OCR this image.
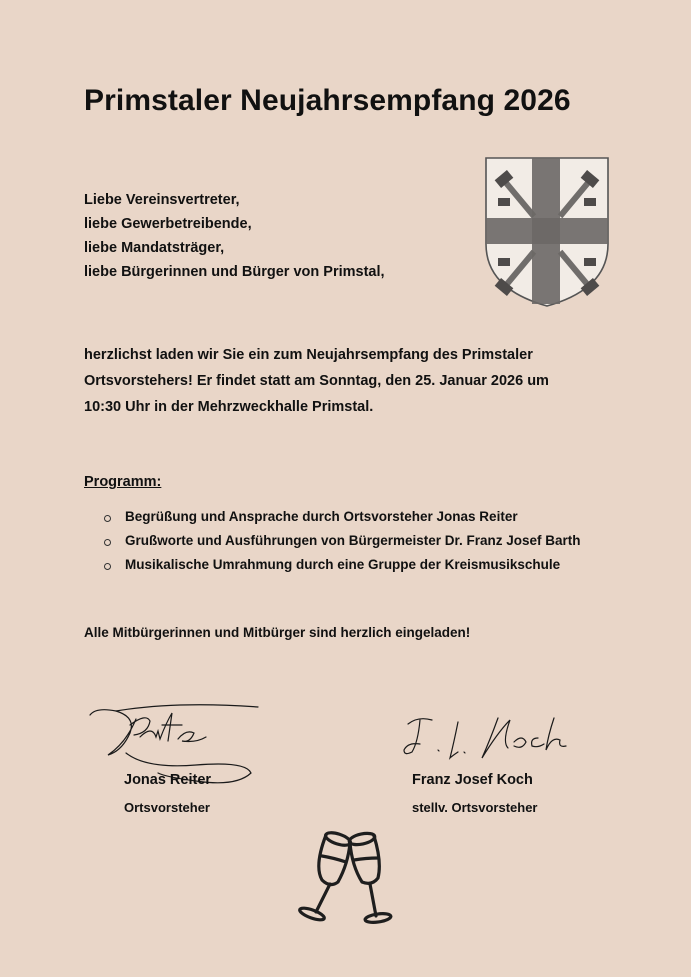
Primstaler Neujahrsempfang 2026
Liebe Vereinsvertreter,
liebe Gewerbetreibende,
liebe Mandatsträger,
liebe Bürgerinnen und Bürger von Primstal,
herzlichst laden wir Sie ein zum Neujahrsempfang des Primstaler
Ortsvorstehers! Er findet statt am Sonntag, den 25. Januar 2026 um
10:30 Uhr in der Mehrzweckhalle Primstal.
Programm:
Begrüßung und Ansprache durch Ortsvorsteher Jonas Reiter
Grußworte und Ausführungen von Bürgermeister Dr. Franz Josef Barth
Musikalische Umrahmung durch eine Gruppe der Kreismusikschule
Alle Mitbürgerinnen und Mitbürger sind herzlich eingeladen!
Jonas Reiter
Ortsvorsteher
Franz Josef Koch
stellv. Ortsvorsteher
